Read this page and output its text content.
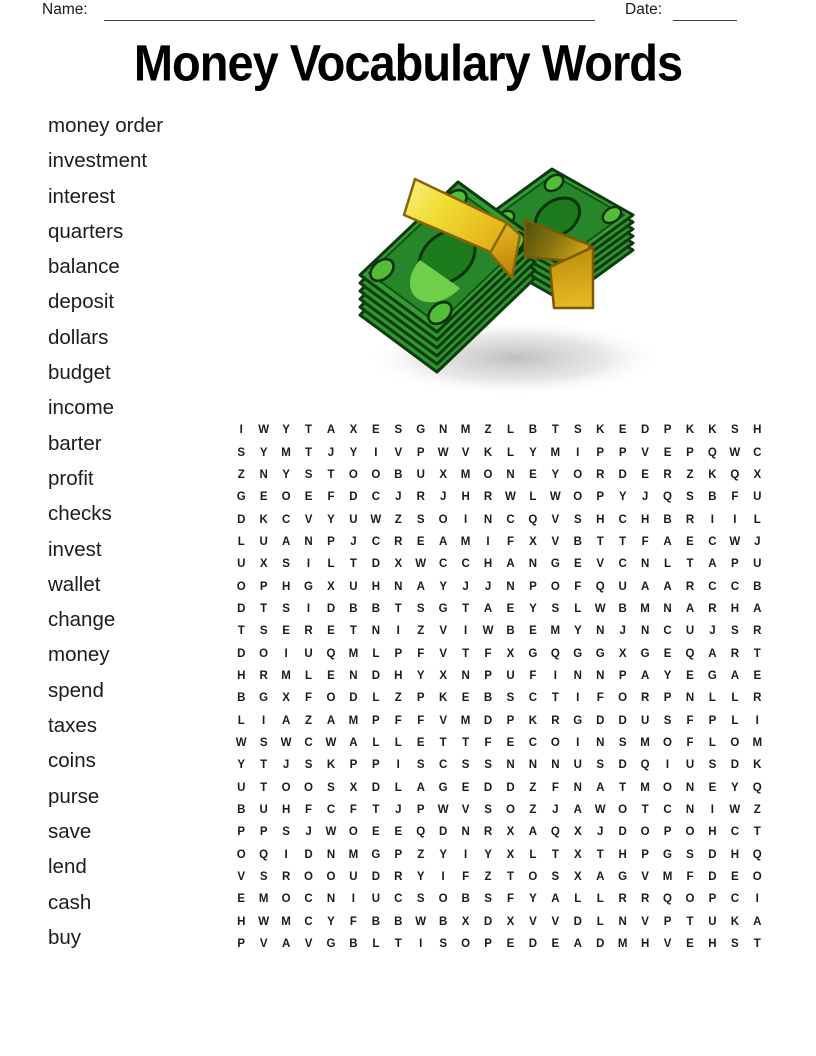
Name:	Date:
Money Vocabulary Words
money order
investment
interest
quarters
balance
deposit
dollars
budget
income
barter
profit
checks
invest
wallet
change
money
spend
taxes
coins
purse
save
lend
cash
buy
I	W	Y	T	A	X	E	S	G	N	M	Z	L	B	T	S	K	E	D	P	K	K	S	H
S	Y	M	T	J	Y	I	V	P	W	V	K	L	Y	M	I	P	P	V	E	P	Q	W	C
Z	N	Y	S	T	O	O	B	U	X	M	O	N	E	Y	O	R	D	E	R	Z	K	Q	X
G	E	O	E	F	D	C	J	R	J	H	R	W	L	W	O	P	Y	J	Q	S	B	F	U
D	K	C	V	Y	U	W	Z	S	O	I	N	C	Q	V	S	H	C	H	B	R	I	I	L
L	U	A	N	P	J	C	R	E	A	M	I	F	X	V	B	T	T	F	A	E	C	W	J
U	X	S	I	L	T	D	X	W	C	C	H	A	N	G	E	V	C	N	L	T	A	P	U
O	P	H	G	X	U	H	N	A	Y	J	J	N	P	O	F	Q	U	A	A	R	C	C	B
D	T	S	I	D	B	B	T	S	G	T	A	E	Y	S	L	W	B	M	N	A	R	H	A
T	S	E	R	E	T	N	I	Z	V	I	W	B	E	M	Y	N	J	N	C	U	J	S	R
D	O	I	U	Q	M	L	P	F	V	T	F	X	G	Q	G	G	X	G	E	Q	A	R	T
H	R	M	L	E	N	D	H	Y	X	N	P	U	F	I	N	N	P	A	Y	E	G	A	E
B	G	X	F	O	D	L	Z	P	K	E	B	S	C	T	I	F	O	R	P	N	L	L	R
L	I	A	Z	A	M	P	F	F	V	M	D	P	K	R	G	D	D	U	S	F	P	L	I
W	S	W	C	W	A	L	L	E	T	T	F	E	C	O	I	N	S	M	O	F	L	O	M
Y	T	J	S	K	P	P	I	S	C	S	S	N	N	N	U	S	D	Q	I	U	S	D	K
U	T	O	O	S	X	D	L	A	G	E	D	D	Z	F	N	A	T	M	O	N	E	Y	Q
B	U	H	F	C	F	T	J	P	W	V	S	O	Z	J	A	W	O	T	C	N	I	W	Z
P	P	S	J	W	O	E	E	Q	D	N	R	X	A	Q	X	J	D	O	P	O	H	C	T
O	Q	I	D	N	M	G	P	Z	Y	I	Y	X	L	T	X	T	H	P	G	S	D	H	Q
V	S	R	O	O	U	D	R	Y	I	F	Z	T	O	S	X	A	G	V	M	F	D	E	O
E	M	O	C	N	I	U	C	S	O	B	S	F	Y	A	L	L	R	R	Q	O	P	C	I
H	W	M	C	Y	F	B	B	W	B	X	D	X	V	V	D	L	N	V	P	T	U	K	A
P	V	A	V	G	B	L	T	I	S	O	P	E	D	E	A	D	M	H	V	E	H	S	T
